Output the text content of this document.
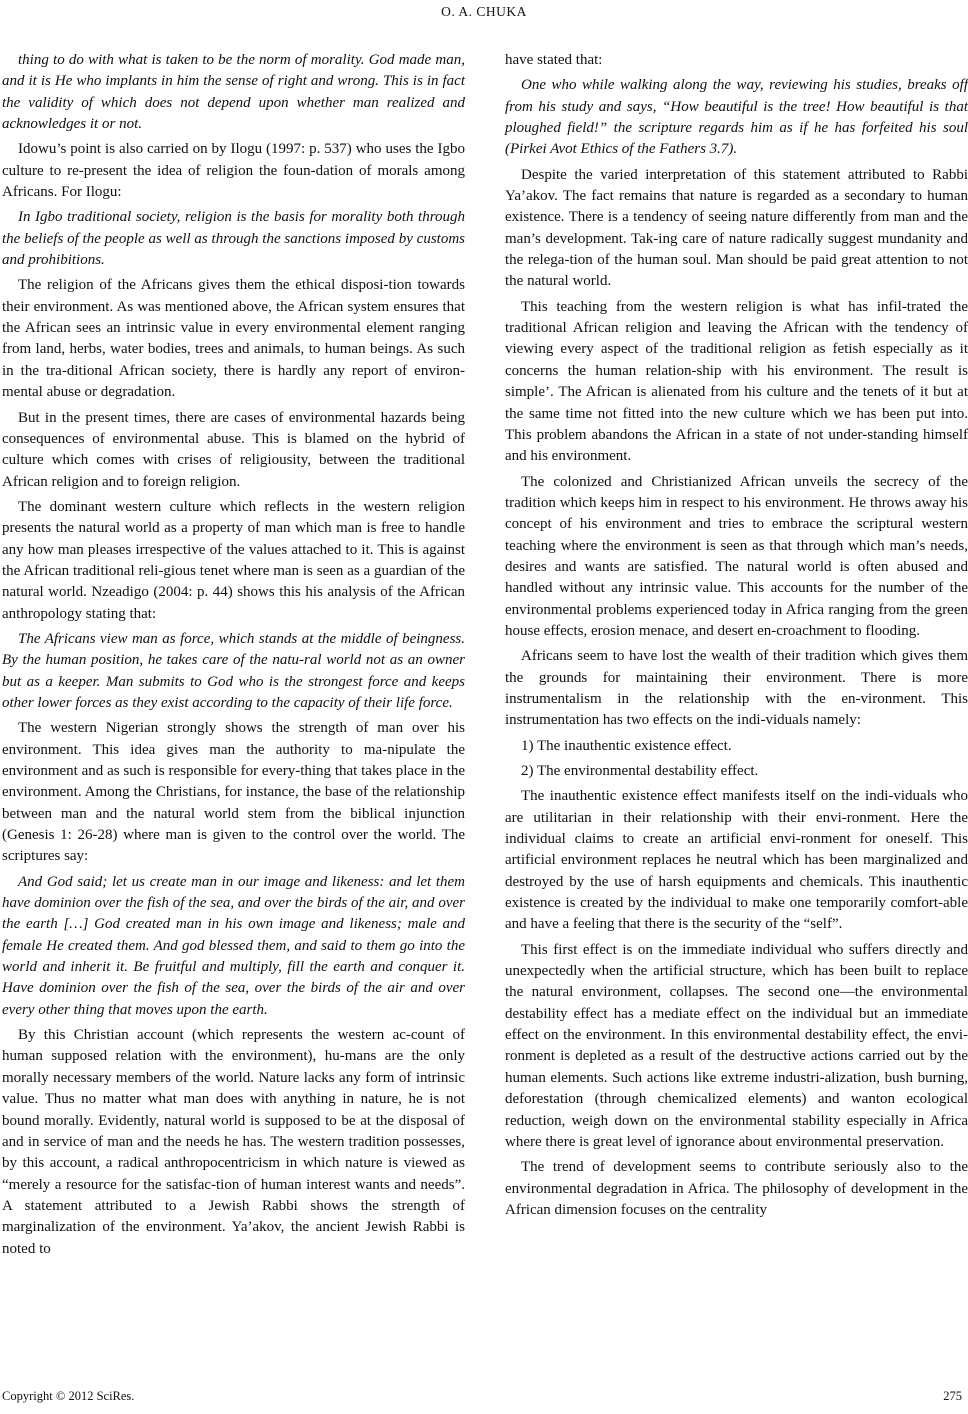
O. A. CHUKA

thing to do with what is taken to be the norm of morality. God made man, and it is He who implants in him the sense of right and wrong. This is in fact the validity of which does not depend upon whether man realized and acknowledges it or not.

Idowu’s point is also carried on by Ilogu (1997: p. 537) who uses the Igbo culture to re-present the idea of religion the foun-dation of morals among Africans. For Ilogu:

In Igbo traditional society, religion is the basis for morality both through the beliefs of the people as well as through the sanctions imposed by customs and prohibitions.

The religion of the Africans gives them the ethical disposi-tion towards their environment. As was mentioned above, the African system ensures that the African sees an intrinsic value in every environmental element ranging from land, herbs, water bodies, trees and animals, to human beings. As such in the tra-ditional African society, there is hardly any report of environ-mental abuse or degradation.

But in the present times, there are cases of environmental hazards being consequences of environmental abuse. This is blamed on the hybrid of culture which comes with crises of religiousity, between the traditional African religion and to foreign religion.

The dominant western culture which reflects in the western religion presents the natural world as a property of man which man is free to handle any how man pleases irrespective of the values attached to it. This is against the African traditional reli-gious tenet where man is seen as a guardian of the natural world. Nzeadigo (2004: p. 44) shows this his analysis of the African anthropology stating that:

The Africans view man as force, which stands at the middle of beingness. By the human position, he takes care of the natu-ral world not as an owner but as a keeper. Man submits to God who is the strongest force and keeps other lower forces as they exist according to the capacity of their life force.

The western Nigerian strongly shows the strength of man over his environment. This idea gives man the authority to ma-nipulate the environment and as such is responsible for every-thing that takes place in the environment. Among the Christians, for instance, the base of the relationship between man and the natural world stem from the biblical injunction (Genesis 1: 26-28) where man is given to the control over the world. The scriptures say:

And God said; let us create man in our image and likeness: and let them have dominion over the fish of the sea, and over the birds of the air, and over the earth […] God created man in his own image and likeness; male and female He created them. And god blessed them, and said to them go into the world and inherit it. Be fruitful and multiply, fill the earth and conquer it. Have dominion over the fish of the sea, over the birds of the air and over every other thing that moves upon the earth.

By this Christian account (which represents the western ac-count of human supposed relation with the environment), hu-mans are the only morally necessary members of the world. Nature lacks any form of intrinsic value. Thus no matter what man does with anything in nature, he is not bound morally. Evidently, natural world is supposed to be at the disposal of and in service of man and the needs he has. The western tradition possesses, by this account, a radical anthropocentricism in which nature is viewed as “merely a resource for the satisfac-tion of human interest wants and needs”. A statement attributed to a Jewish Rabbi shows the strength of marginalization of the environment. Ya’akov, the ancient Jewish Rabbi is noted to

have stated that:

One who while walking along the way, reviewing his studies, breaks off from his study and says, “How beautiful is the tree! How beautiful is that ploughed field!” the scripture regards him as if he has forfeited his soul (Pirkei Avot Ethics of the Fathers 3.7).

Despite the varied interpretation of this statement attributed to Rabbi Ya’akov. The fact remains that nature is regarded as a secondary to human existence. There is a tendency of seeing nature differently from man and the man’s development. Tak-ing care of nature radically suggest mundanity and the relega-tion of the human soul. Man should be paid great attention to not the natural world.

This teaching from the western religion is what has infil-trated the traditional African religion and leaving the African with the tendency of viewing every aspect of the traditional religion as fetish especially as it concerns the human relation-ship with his environment. The result is simple’. The African is alienated from his culture and the tenets of it but at the same time not fitted into the new culture which we has been put into. This problem abandons the African in a state of not under-standing himself and his environment.

The colonized and Christianized African unveils the secrecy of the tradition which keeps him in respect to his environment. He throws away his concept of his environment and tries to embrace the scriptural western teaching where the environment is seen as that through which man’s needs, desires and wants are satisfied. The natural world is often abused and handled without any intrinsic value. This accounts for the number of the environmental problems experienced today in Africa ranging from the green house effects, erosion menace, and desert en-croachment to flooding.

Africans seem to have lost the wealth of their tradition which gives them the grounds for maintaining their environment. There is more instrumentalism in the relationship with the en-vironment. This instrumentation has two effects on the indi-viduals namely:

1) The inauthentic existence effect.

2) The environmental destability effect.

The inauthentic existence effect manifests itself on the indi-viduals who are utilitarian in their relationship with their envi-ronment. Here the individual claims to create an artificial envi-ronment for oneself. This artificial environment replaces he neutral which has been marginalized and destroyed by the use of harsh equipments and chemicals. This inauthentic existence is created by the individual to make one temporarily comfort-able and have a feeling that there is the security of the “self”.

This first effect is on the immediate individual who suffers directly and unexpectedly when the artificial structure, which has been built to replace the natural environment, collapses. The second one—the environmental destability effect has a mediate effect on the individual but an immediate effect on the environment. In this environmental destability effect, the envi-ronment is depleted as a result of the destructive actions carried out by the human elements. Such actions like extreme industri-alization, bush burning, deforestation (through chemicalized elements) and wanton ecological reduction, weigh down on the environmental stability especially in Africa where there is great level of ignorance about environmental preservation.

The trend of development seems to contribute seriously also to the environmental degradation in Africa. The philosophy of development in the African dimension focuses on the centrality

Copyright © 2012 SciRes.	275
